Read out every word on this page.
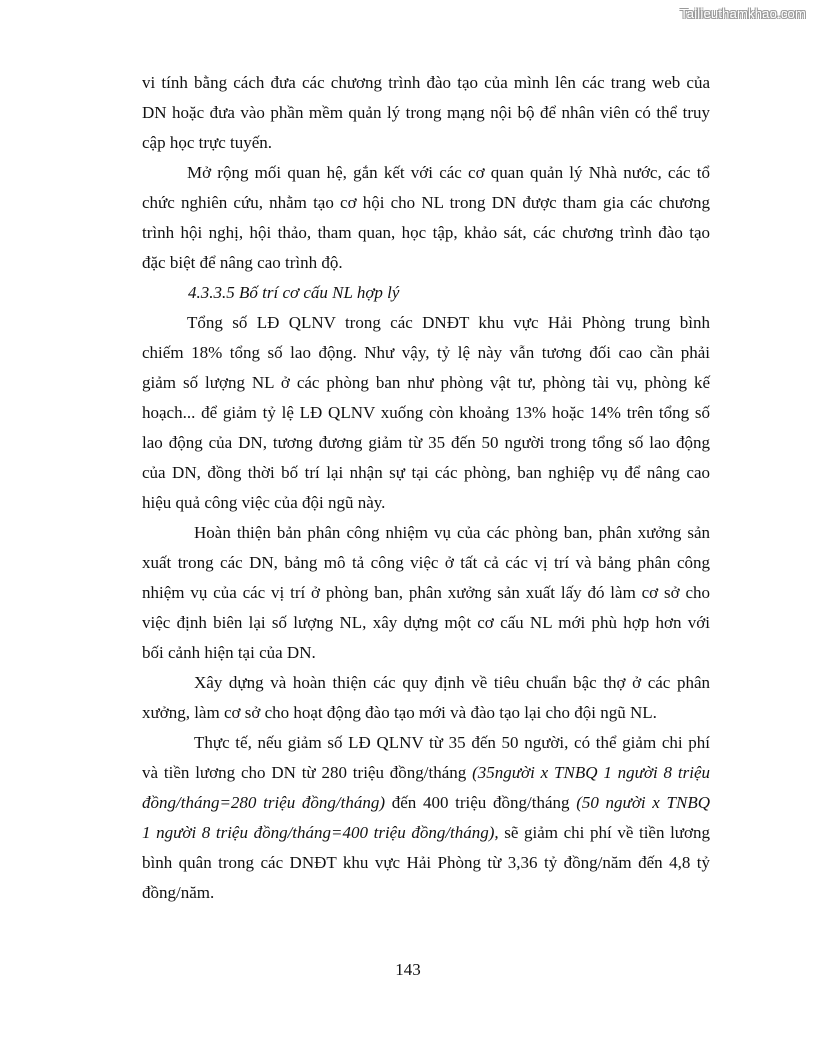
Tailieuthamkhao.com
vi tính bằng cách đưa các chương trình đào tạo của mình lên các trang web của
DN hoặc đưa vào phần mềm quản lý trong mạng nội bộ để nhân viên có thể truy
cập học trực tuyến.
Mở rộng mối quan hệ, gắn kết với các cơ quan quản lý Nhà nước, các tổ
chức nghiên cứu, nhằm tạo cơ hội cho NL trong DN được tham gia các chương
trình hội nghị, hội thảo, tham quan, học tập, khảo sát, các chương trình đào tạo
đặc biệt để nâng cao trình độ.
4.3.3.5 Bố trí cơ cấu NL hợp lý
Tổng số LĐ QLNV trong các DNĐT khu vực Hải Phòng trung bình
chiếm 18% tổng số lao động. Như vậy, tỷ lệ này vẫn tương đối cao cần phải
giảm số lượng NL ở các phòng ban như phòng vật tư, phòng tài vụ, phòng kế
hoạch... để giảm tỷ lệ LĐ QLNV xuống còn khoảng 13% hoặc 14% trên tổng số
lao động của DN, tương đương giảm từ 35 đến 50 người trong tổng số lao động
của DN, đồng thời bố trí lại nhận sự tại các phòng, ban nghiệp vụ để nâng cao
hiệu quả công việc của đội ngũ này.
Hoàn thiện bản phân công nhiệm vụ của các phòng ban, phân xưởng sản
xuất trong các DN, bảng mô tả công việc ở tất cả các vị trí và bảng phân công
nhiệm vụ của các vị trí ở phòng ban, phân xưởng sản xuất lấy đó làm cơ sở cho
việc định biên lại số lượng NL, xây dựng một cơ cấu NL mới phù hợp hơn với
bối cảnh hiện tại của DN.
Xây dựng và hoàn thiện các quy định về tiêu chuẩn bậc thợ ở các phân
xưởng, làm cơ sở cho hoạt động đào tạo mới và đào tạo lại cho đội ngũ NL.
Thực tế, nếu giảm số LĐ QLNV từ 35 đến 50 người, có thể giảm chi phí
và tiền lương cho DN từ 280 triệu đồng/tháng (35người x TNBQ 1 người 8 triệu
đồng/tháng=280 triệu đồng/tháng) đến 400 triệu đồng/tháng (50 người x TNBQ
1 người 8 triệu đồng/tháng=400 triệu đồng/tháng), sẽ giảm chi phí về tiền lương
bình quân trong các DNĐT khu vực Hải Phòng từ 3,36 tỷ đồng/năm đến 4,8 tỷ
đồng/năm.
143
